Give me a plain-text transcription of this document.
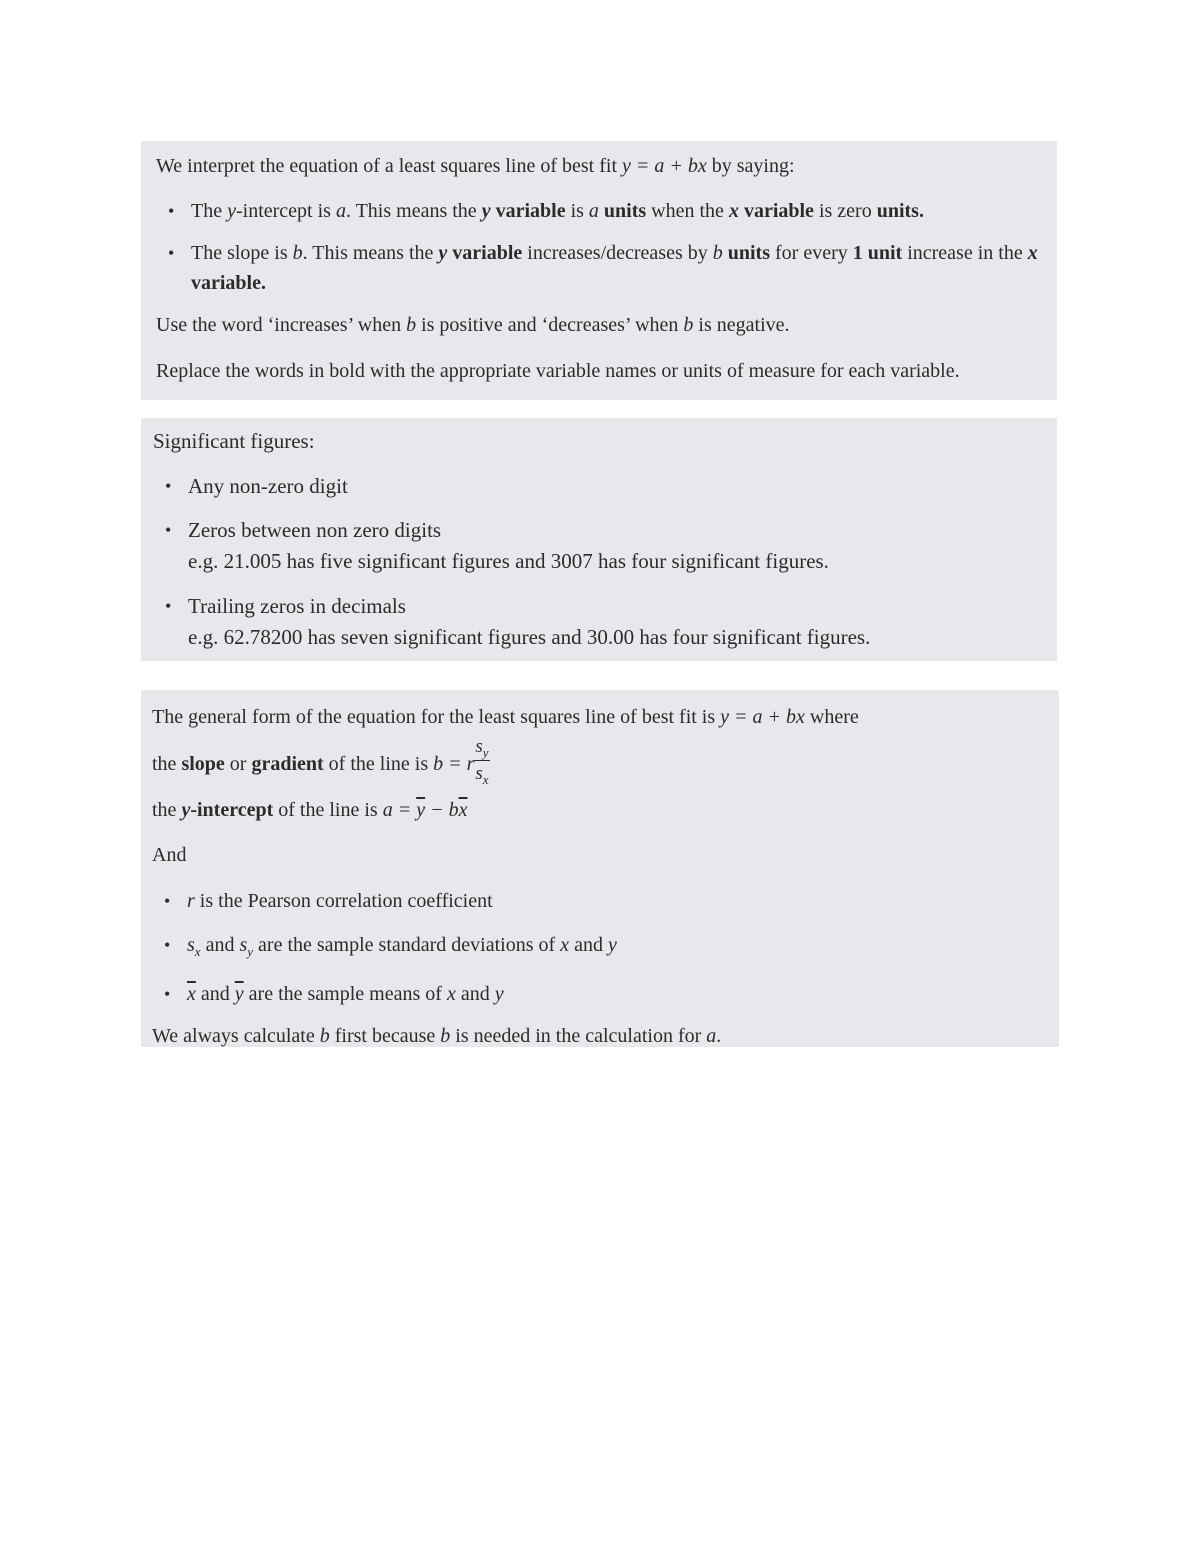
We interpret the equation of a least squares line of best fit y = a + bx by saying:

• The y-intercept is a. This means the y variable is a units when the x variable is zero units.
• The slope is b. This means the y variable increases/decreases by b units for every 1 unit increase in the x variable.

Use the word ‘increases’ when b is positive and ‘decreases’ when b is negative.

Replace the words in bold with the appropriate variable names or units of measure for each variable.

Significant figures:

• Any non-zero digit
• Zeros between non zero digits
e.g. 21.005 has five significant figures and 3007 has four significant figures.
• Trailing zeros in decimals
e.g. 62.78200 has seven significant figures and 30.00 has four significant figures.

The general form of the equation for the least squares line of best fit is y = a + bx where

the slope or gradient of the line is b = r $\frac{s_y}{s_x}$

the y-intercept of the line is $a = \overline{y} - b\overline{x}$

And

• r is the Pearson correlation coefficient
• $s_x$ and $s_y$ are the sample standard deviations of x and y
• $\overline{x}$ and $\overline{y}$ are the sample means of x and y

We always calculate b first because b is needed in the calculation for a.
